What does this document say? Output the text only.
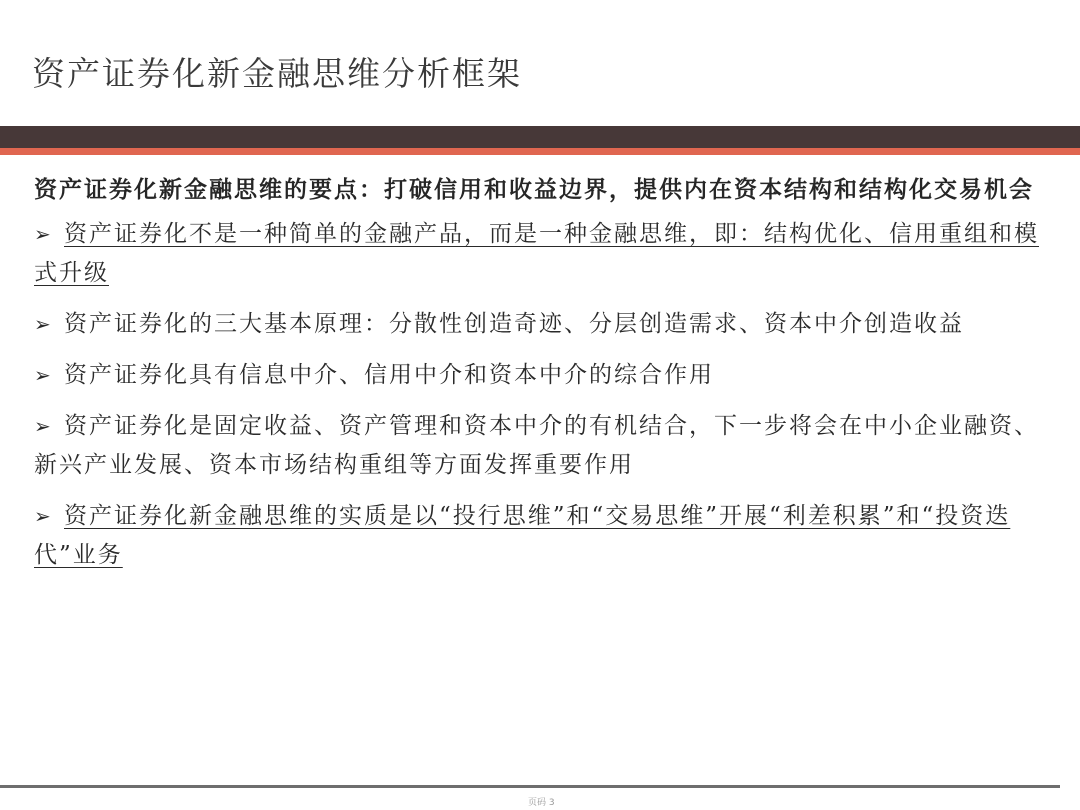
资产证券化新金融思维分析框架

资产证券化新金融思维的要点：打破信用和收益边界，提供内在资本结构和结构化交易机会

➢ 资产证券化不是一种简单的金融产品，而是一种金融思维，即：结构优化、信用重组和模式升级
➢ 资产证券化的三大基本原理：分散性创造奇迹、分层创造需求、资本中介创造收益
➢ 资产证券化具有信息中介、信用中介和资本中介的综合作用
➢ 资产证券化是固定收益、资产管理和资本中介的有机结合，下一步将会在中小企业融资、新兴产业发展、资本市场结构重组等方面发挥重要作用
➢ 资产证券化新金融思维的实质是以“投行思维”和“交易思维”开展“利差积累”和“投资迭代”业务
页码 3
